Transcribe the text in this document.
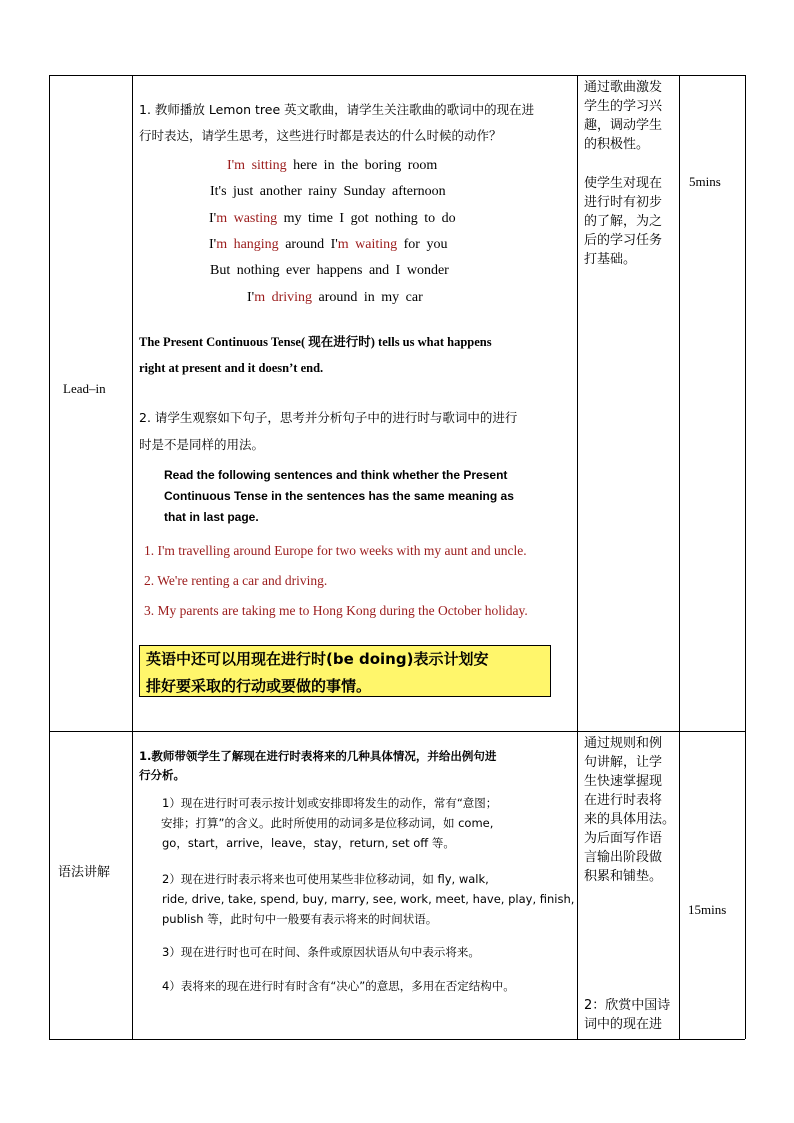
Lead–in
5mins
1. 教师播放 Lemon tree 英文歌曲，请学生关注歌曲的歌词中的现在进
行时表达，请学生思考，这些进行时都是表达的什么时候的动作？
I'm sitting here in the boring room
It's just another rainy Sunday afternoon
I'm wasting my time I got nothing to do
I'm hanging around I'm waiting for you
But nothing ever happens and I wonder
I'm driving around in my car
The Present Continuous Tense( 现在进行时) tells us what happens
right at present and it doesn’t end.
2. 请学生观察如下句子，思考并分析句子中的进行时与歌词中的进行
时是不是同样的用法。
Read the following sentences and think whether the Present
Continuous Tense in the sentences has the same meaning as
that in last page.
1. I'm travelling around Europe for two weeks with my aunt and uncle.
2. We're renting a car and driving.
3. My parents are taking me to Hong Kong during the October holiday.
英语中还可以用现在进行时(be doing)表示计划安
排好要采取的行动或要做的事情。
通过歌曲激发
学生的学习兴
趣，调动学生
的积极性。
使学生对现在
进行时有初步
的了解，为之
后的学习任务
打基础。
语法讲解
15mins
1.教师带领学生了解现在进行时表将来的几种具体情况，并给出例句进
行分析。
1）现在进行时可表示按计划或安排即将发生的动作，常有“意图；
安排；打算”的含义。此时所使用的动词多是位移动词，如 come,
go，start，arrive，leave，stay，return, set off 等。
2）现在进行时表示将来也可使用某些非位移动词，如 fly, walk,
ride, drive, take, spend, buy, marry, see, work, meet, have, play, finish,
publish 等，此时句中一般要有表示将来的时间状语。
3）现在进行时也可在时间、条件或原因状语从句中表示将来。
4）表将来的现在进行时有时含有“决心”的意思，多用在否定结构中。
通过规则和例
句讲解，让学
生快速掌握现
在进行时表将
来的具体用法。
为后面写作语
言输出阶段做
积累和铺垫。
2：欣赏中国诗
词中的现在进
